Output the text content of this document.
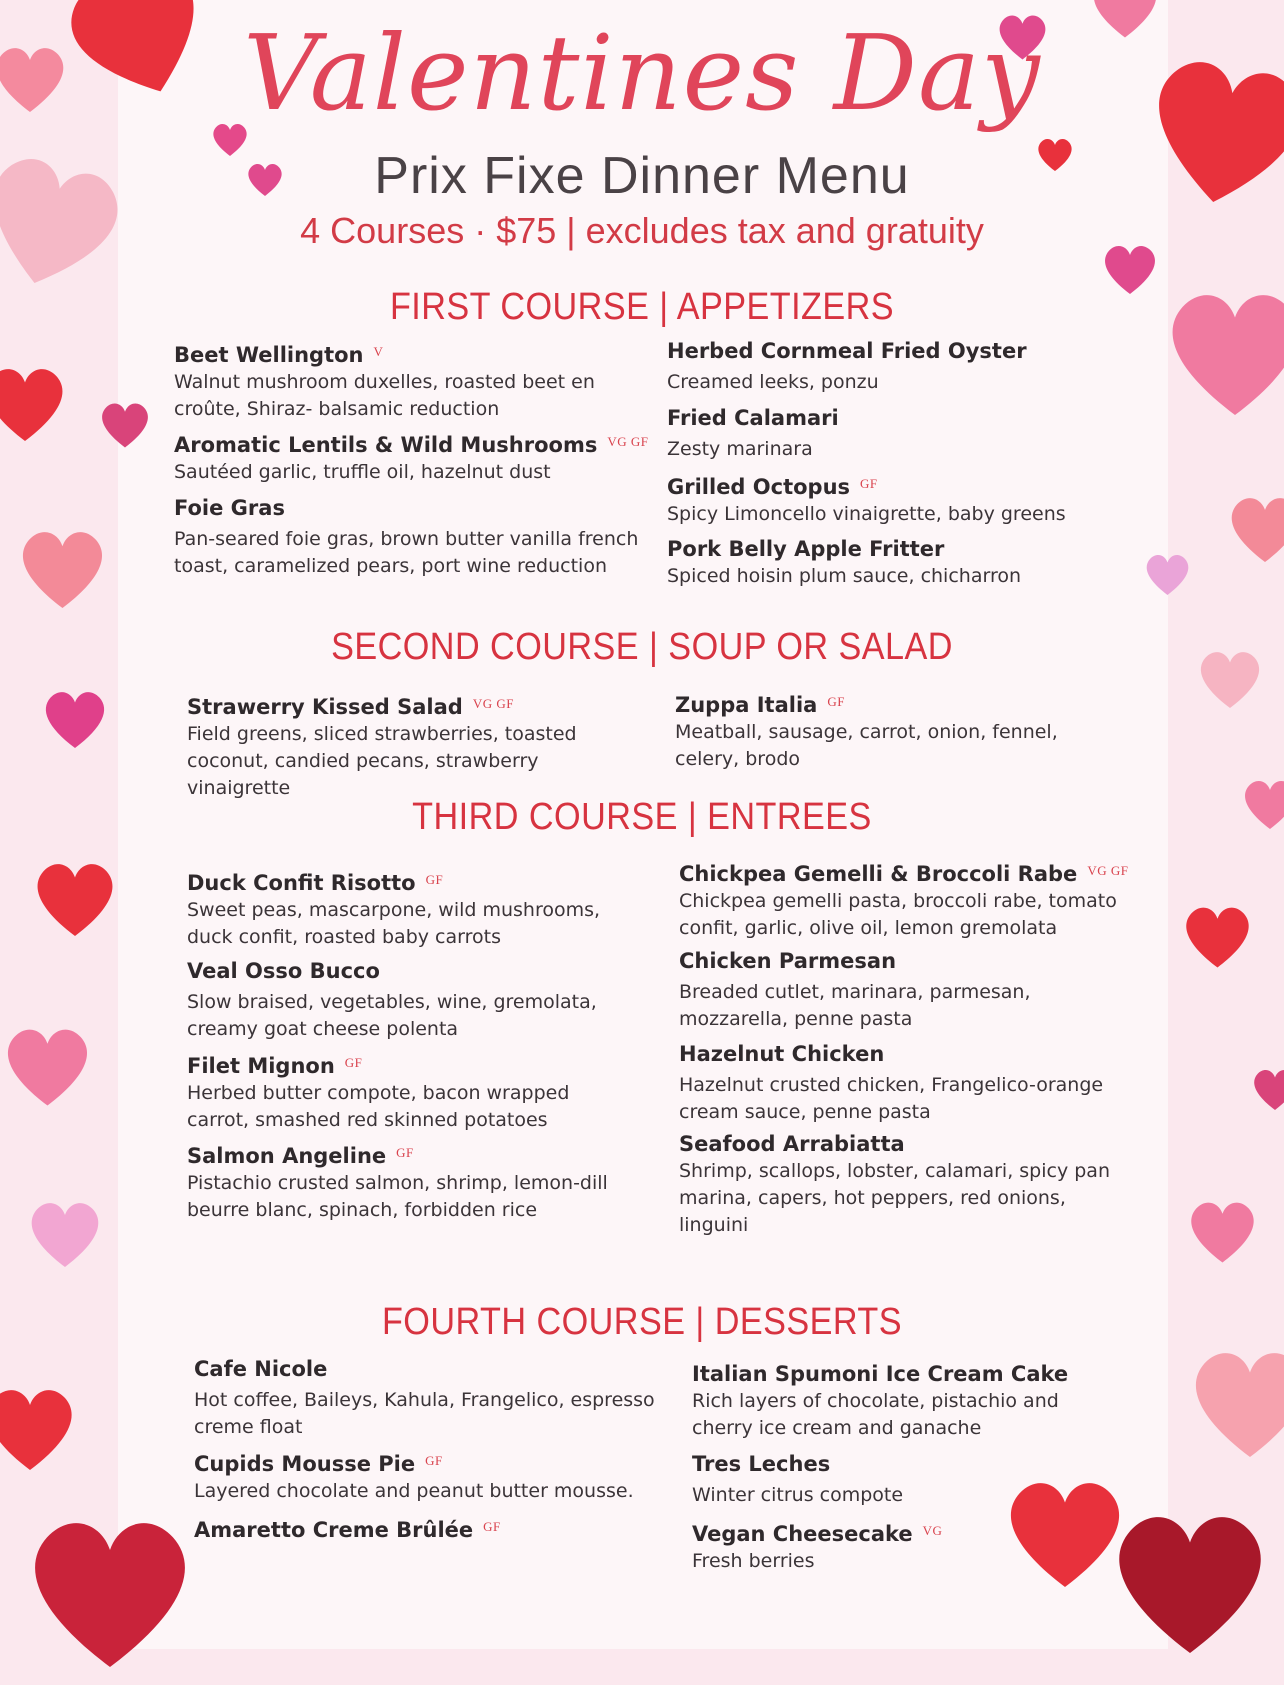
Valentines Day
Prix Fixe Dinner Menu
4 Courses · $75 | excludes tax and gratuity
FIRST COURSE | APPETIZERS
Beet Wellington $^V$
Walnut mushroom duxelles, roasted beet en croûte, Shiraz- balsamic reduction
Aromatic Lentils & Wild Mushrooms $^{VG GF}$
Sautéed garlic, truffle oil, hazelnut dust
Foie Gras
Pan-seared foie gras, brown butter vanilla french toast, caramelized pears, port wine reduction
Herbed Cornmeal Fried Oyster
Creamed leeks, ponzu
Fried Calamari
Zesty marinara
Grilled Octopus $^{GF}$
Spicy Limoncello vinaigrette, baby greens
Pork Belly Apple Fritter
Spiced hoisin plum sauce, chicharron
SECOND COURSE | SOUP OR SALAD
Strawerry Kissed Salad $^{VG GF}$
Field greens, sliced strawberries, toasted coconut, candied pecans, strawberry vinaigrette
Zuppa Italia $^{GF}$
Meatball, sausage, carrot, onion, fennel, celery, brodo
THIRD COURSE | ENTREES
Duck Confit Risotto $^{GF}$
Sweet peas, mascarpone, wild mushrooms, duck confit, roasted baby carrots
Veal Osso Bucco
Slow braised, vegetables, wine, gremolata, creamy goat cheese polenta
Filet Mignon $^{GF}$
Herbed butter compote, bacon wrapped carrot, smashed red skinned potatoes
Salmon Angeline $^{GF}$
Pistachio crusted salmon, shrimp, lemon-dill beurre blanc, spinach, forbidden rice
Chickpea Gemelli & Broccoli Rabe $^{VG GF}$
Chickpea gemelli pasta, broccoli rabe, tomato confit, garlic, olive oil, lemon gremolata
Chicken Parmesan
Breaded cutlet, marinara, parmesan, mozzarella, penne pasta
Hazelnut Chicken
Hazelnut crusted chicken, Frangelico-orange cream sauce, penne pasta
Seafood Arrabiatta
Shrimp, scallops, lobster, calamari, spicy pan marina, capers, hot peppers, red onions, linguini
FOURTH COURSE | DESSERTS
Cafe Nicole
Hot coffee, Baileys, Kahula, Frangelico, espresso creme float
Cupids Mousse Pie $^{GF}$
Layered chocolate and peanut butter mousse.
Amaretto Creme Brûlée $^{GF}$
Italian Spumoni Ice Cream Cake
Rich layers of chocolate, pistachio and cherry ice cream and ganache
Tres Leches
Winter citrus compote
Vegan Cheesecake $^{VG}$
Fresh berries
